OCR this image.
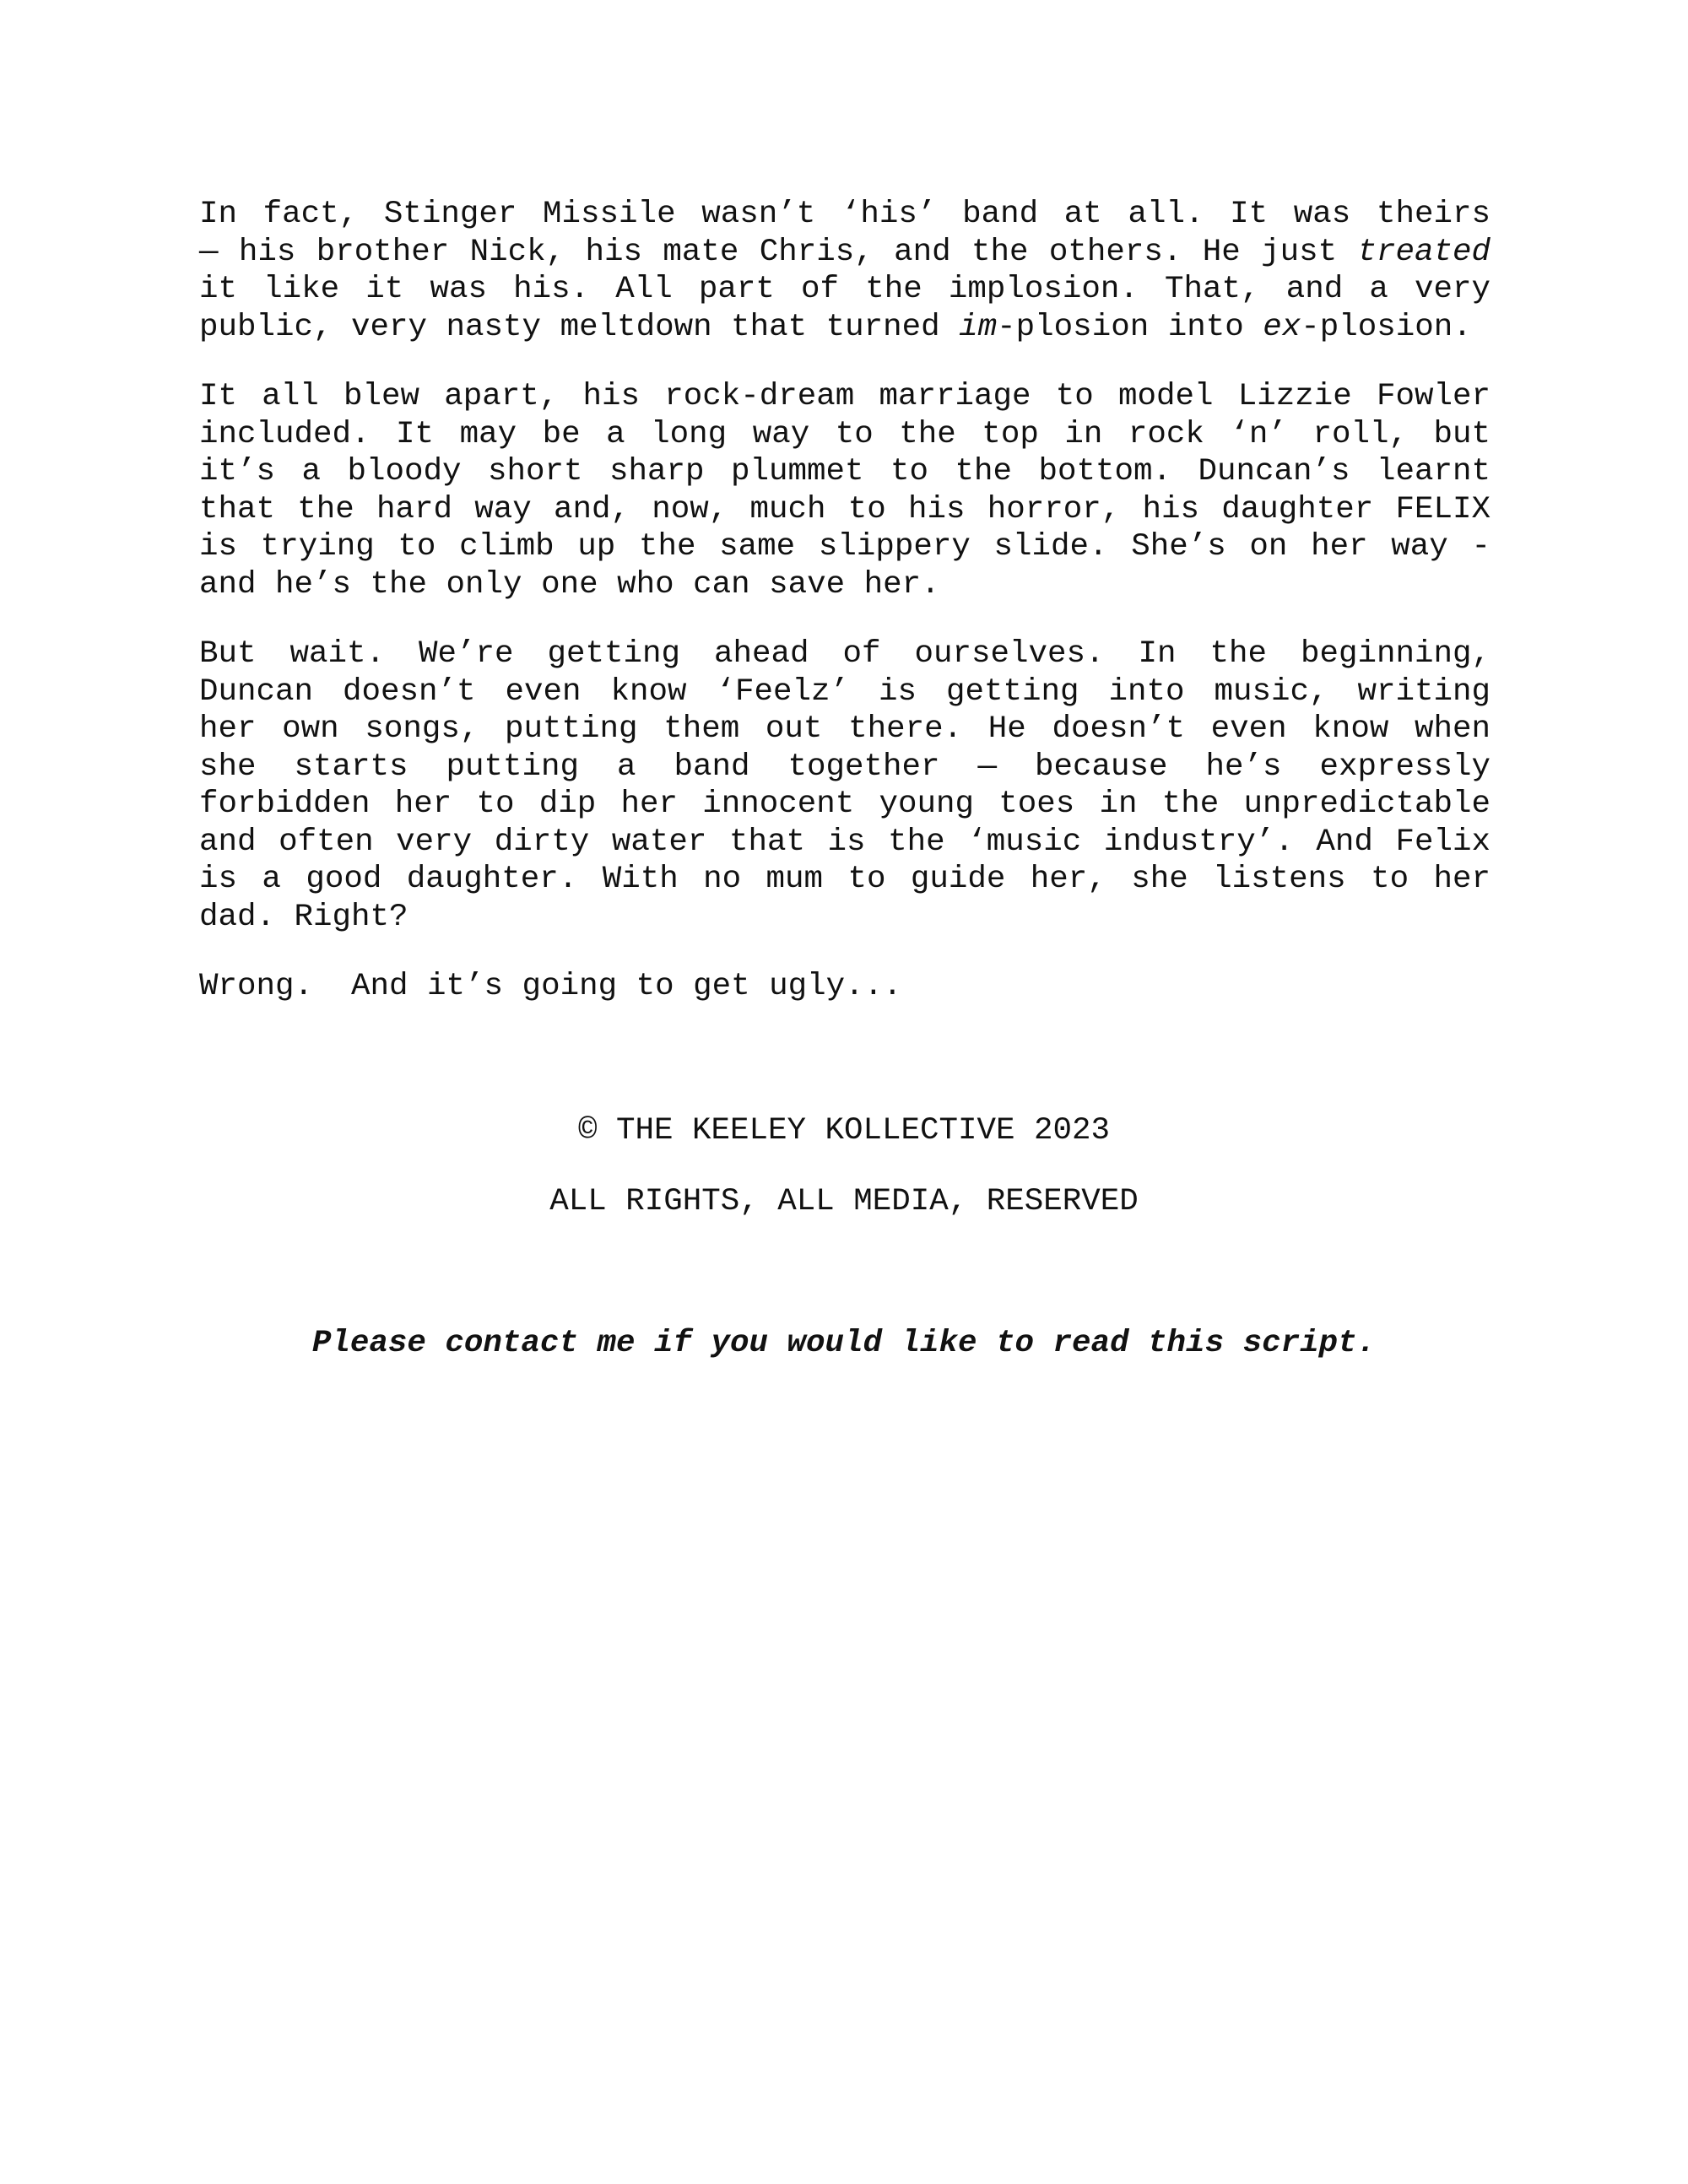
In fact, Stinger Missile wasn’t ‘his’ band at all. It was theirs
— his brother Nick, his mate Chris, and the others. He just treated
it like it was his. All part of the implosion. That, and a very
public, very nasty meltdown that turned im-plosion into ex-plosion.

It all blew apart, his rock-dream marriage to model Lizzie Fowler
included. It may be a long way to the top in rock ‘n’ roll, but
it’s a bloody short sharp plummet to the bottom. Duncan’s learnt
that the hard way and, now, much to his horror, his daughter FELIX
is trying to climb up the same slippery slide. She’s on her way -
and he’s the only one who can save her.

But wait. We’re getting ahead of ourselves. In the beginning,
Duncan doesn’t even know ‘Feelz’ is getting into music, writing
her own songs, putting them out there. He doesn’t even know when
she starts putting a band together — because he’s expressly
forbidden her to dip her innocent young toes in the unpredictable
and often very dirty water that is the ‘music industry’. And Felix
is a good daughter. With no mum to guide her, she listens to her
dad. Right?

Wrong.  And it’s going to get ugly...

© THE KEELEY KOLLECTIVE 2023
ALL RIGHTS, ALL MEDIA, RESERVED
Please contact me if you would like to read this script.
